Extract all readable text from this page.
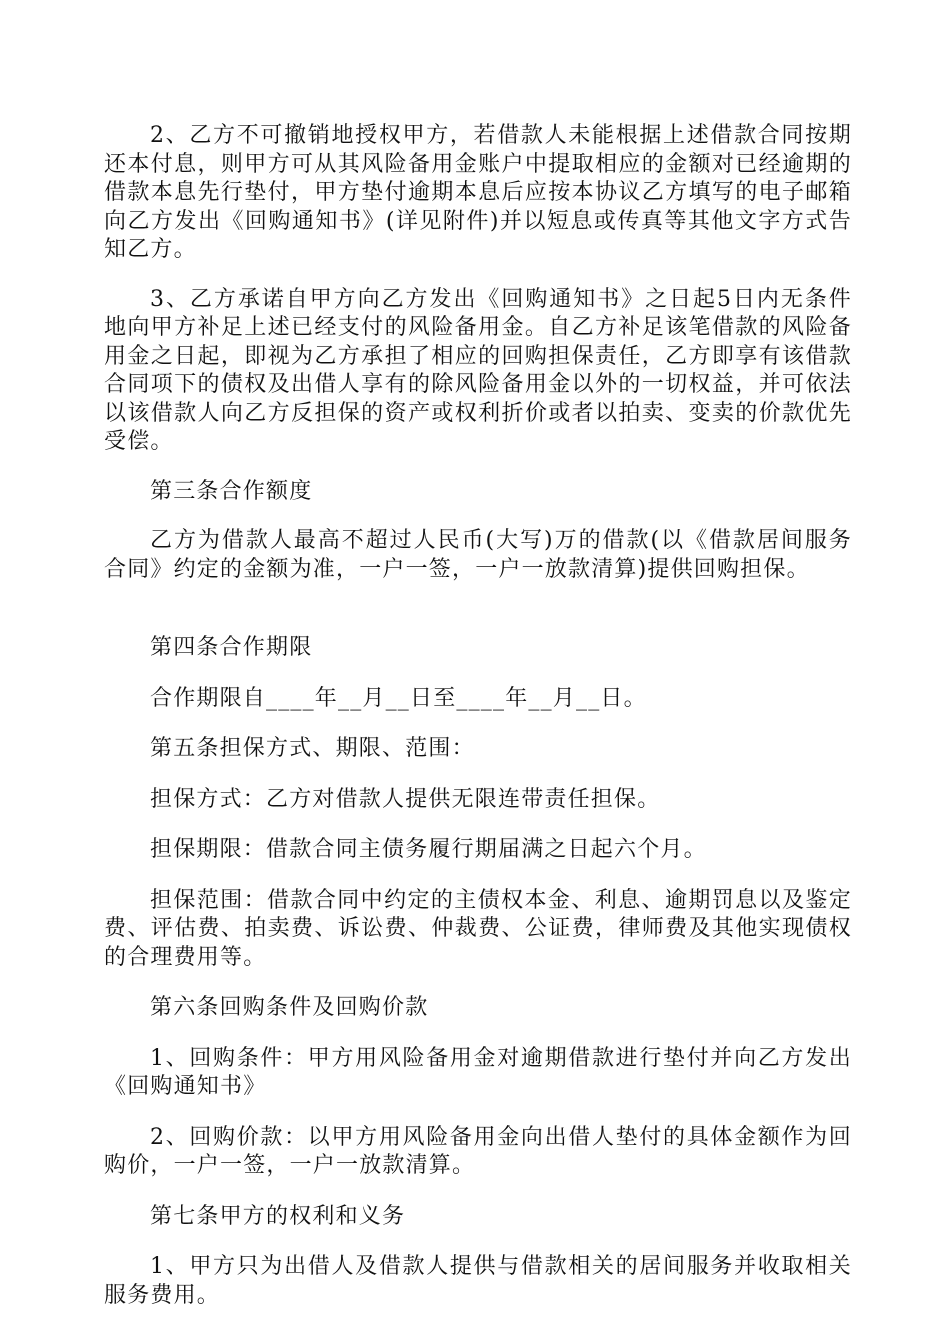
2、乙方不可撤销地授权甲方，若借款人未能根据上述借款合同按期还本付息，则甲方可从其风险备用金账户中提取相应的金额对已经逾期的借款本息先行垫付，甲方垫付逾期本息后应按本协议乙方填写的电子邮箱向乙方发出《回购通知书》(详见附件)并以短息或传真等其他文字方式告知乙方。

3、乙方承诺自甲方向乙方发出《回购通知书》之日起5日内无条件地向甲方补足上述已经支付的风险备用金。自乙方补足该笔借款的风险备用金之日起，即视为乙方承担了相应的回购担保责任，乙方即享有该借款合同项下的债权及出借人享有的除风险备用金以外的一切权益，并可依法以该借款人向乙方反担保的资产或权利折价或者以拍卖、变卖的价款优先受偿。

第三条合作额度

乙方为借款人最高不超过人民币(大写)万的借款(以《借款居间服务合同》约定的金额为准，一户一签，一户一放款清算)提供回购担保。

第四条合作期限

合作期限自____年__月__日至____年__月__日。

第五条担保方式、期限、范围：

担保方式：乙方对借款人提供无限连带责任担保。

担保期限：借款合同主债务履行期届满之日起六个月。

担保范围：借款合同中约定的主债权本金、利息、逾期罚息以及鉴定费、评估费、拍卖费、诉讼费、仲裁费、公证费，律师费及其他实现债权的合理费用等。

第六条回购条件及回购价款

1、回购条件：甲方用风险备用金对逾期借款进行垫付并向乙方发出《回购通知书》

2、回购价款：以甲方用风险备用金向出借人垫付的具体金额作为回购价，一户一签，一户一放款清算。

第七条甲方的权利和义务

1、甲方只为出借人及借款人提供与借款相关的居间服务并收取相关服务费用。
